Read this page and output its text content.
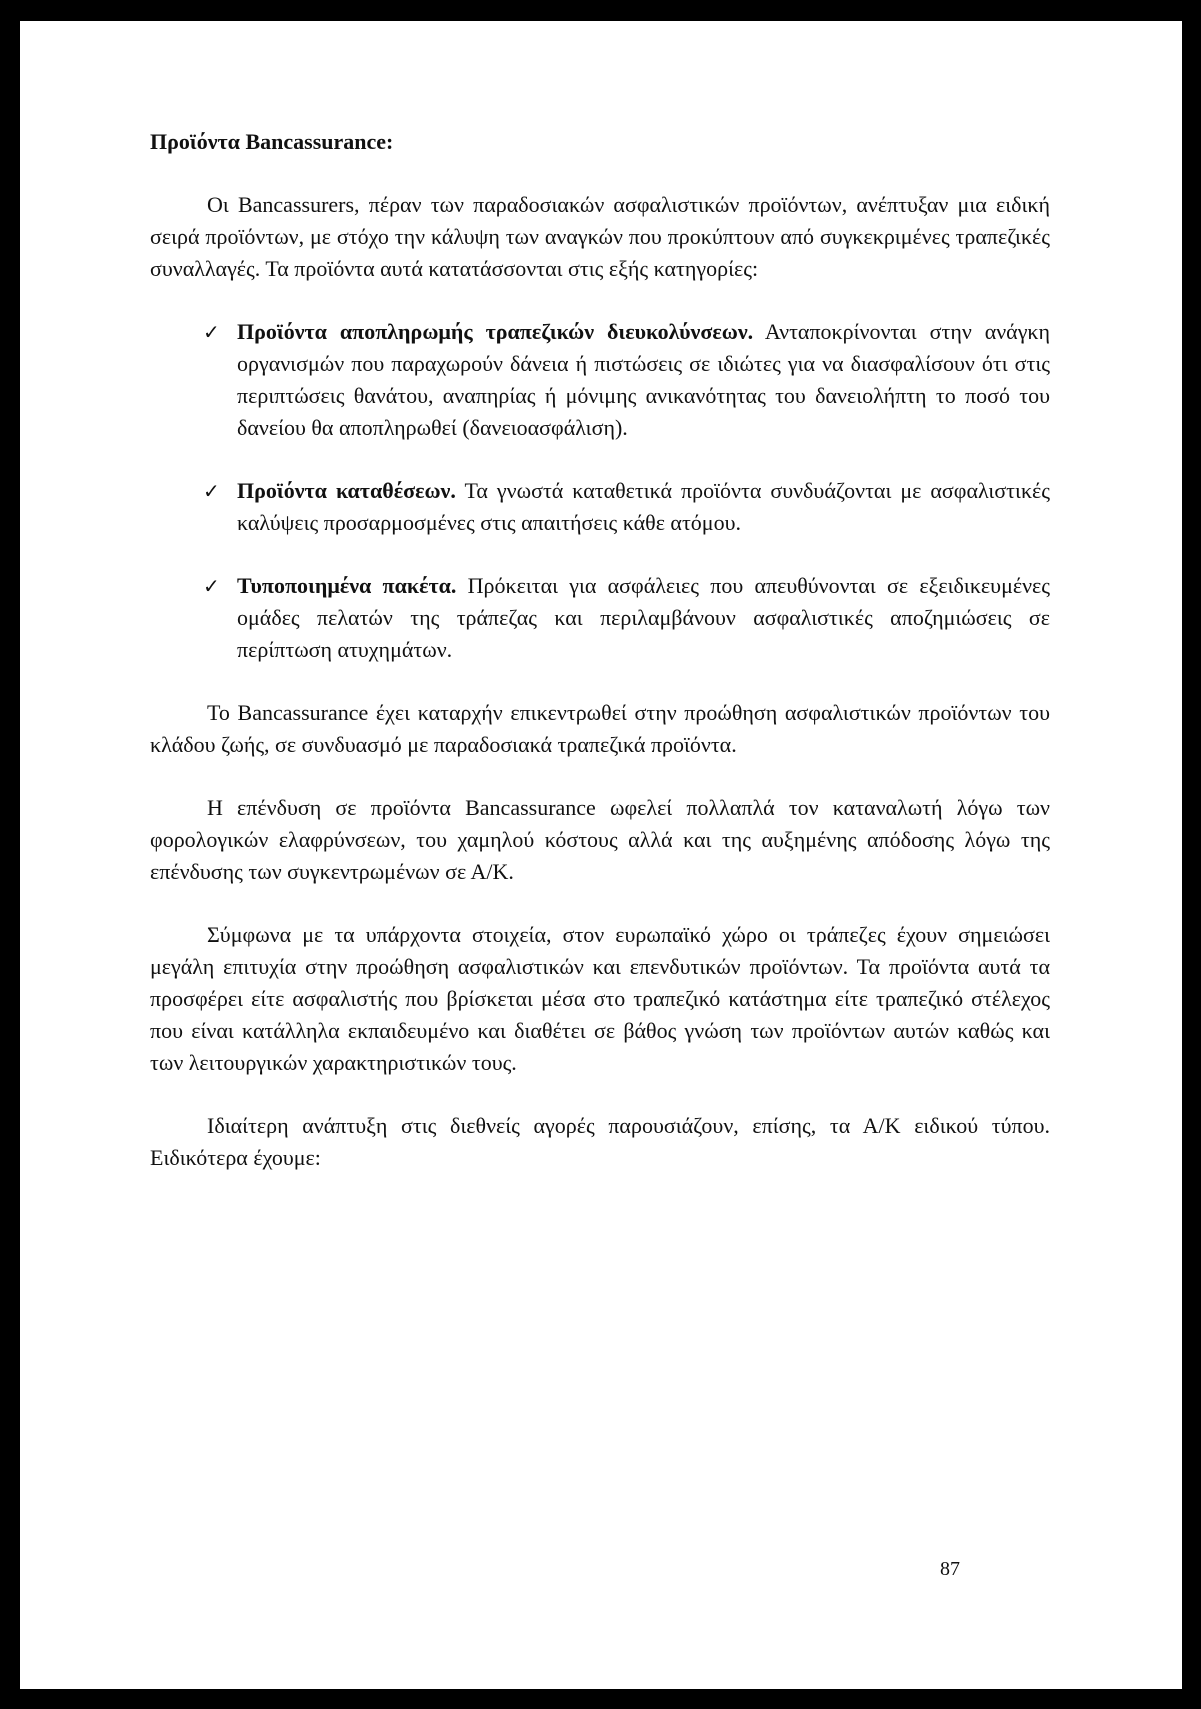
Προϊόντα Bancassurance:

Οι Bancassurers, πέραν των παραδοσιακών ασφαλιστικών προϊόντων, ανέπτυξαν μια ειδική σειρά προϊόντων, με στόχο την κάλυψη των αναγκών που προκύπτουν από συγκεκριμένες τραπεζικές συναλλαγές. Τα προϊόντα αυτά κατατάσσονται στις εξής κατηγορίες:

✓ Προϊόντα αποπληρωμής τραπεζικών διευκολύνσεων. Ανταποκρίνονται στην ανάγκη οργανισμών που παραχωρούν δάνεια ή πιστώσεις σε ιδιώτες για να διασφαλίσουν ότι στις περιπτώσεις θανάτου, αναπηρίας ή μόνιμης ανικανότητας του δανειολήπτη το ποσό του δανείου θα αποπληρωθεί (δανειοασφάλιση).
✓ Προϊόντα καταθέσεων. Τα γνωστά καταθετικά προϊόντα συνδυάζονται με ασφαλιστικές καλύψεις προσαρμοσμένες στις απαιτήσεις κάθε ατόμου.
✓ Τυποποιημένα πακέτα. Πρόκειται για ασφάλειες που απευθύνονται σε εξειδικευμένες ομάδες πελατών της τράπεζας και περιλαμβάνουν ασφαλιστικές αποζημιώσεις σε περίπτωση ατυχημάτων.

Το Bancassurance έχει καταρχήν επικεντρωθεί στην προώθηση ασφαλιστικών προϊόντων του κλάδου ζωής, σε συνδυασμό με παραδοσιακά τραπεζικά προϊόντα.

Η επένδυση σε προϊόντα Bancassurance ωφελεί πολλαπλά τον καταναλωτή λόγω των φορολογικών ελαφρύνσεων, του χαμηλού κόστους αλλά και της αυξημένης απόδοσης λόγω της επένδυσης των συγκεντρωμένων σε Α/Κ.

Σύμφωνα με τα υπάρχοντα στοιχεία, στον ευρωπαϊκό χώρο οι τράπεζες έχουν σημειώσει μεγάλη επιτυχία στην προώθηση ασφαλιστικών και επενδυτικών προϊόντων. Τα προϊόντα αυτά τα προσφέρει είτε ασφαλιστής που βρίσκεται μέσα στο τραπεζικό κατάστημα είτε τραπεζικό στέλεχος που είναι κατάλληλα εκπαιδευμένο και διαθέτει σε βάθος γνώση των προϊόντων αυτών καθώς και των λειτουργικών χαρακτηριστικών τους.

Ιδιαίτερη ανάπτυξη στις διεθνείς αγορές παρουσιάζουν, επίσης, τα Α/Κ ειδικού τύπου. Ειδικότερα έχουμε:

87
